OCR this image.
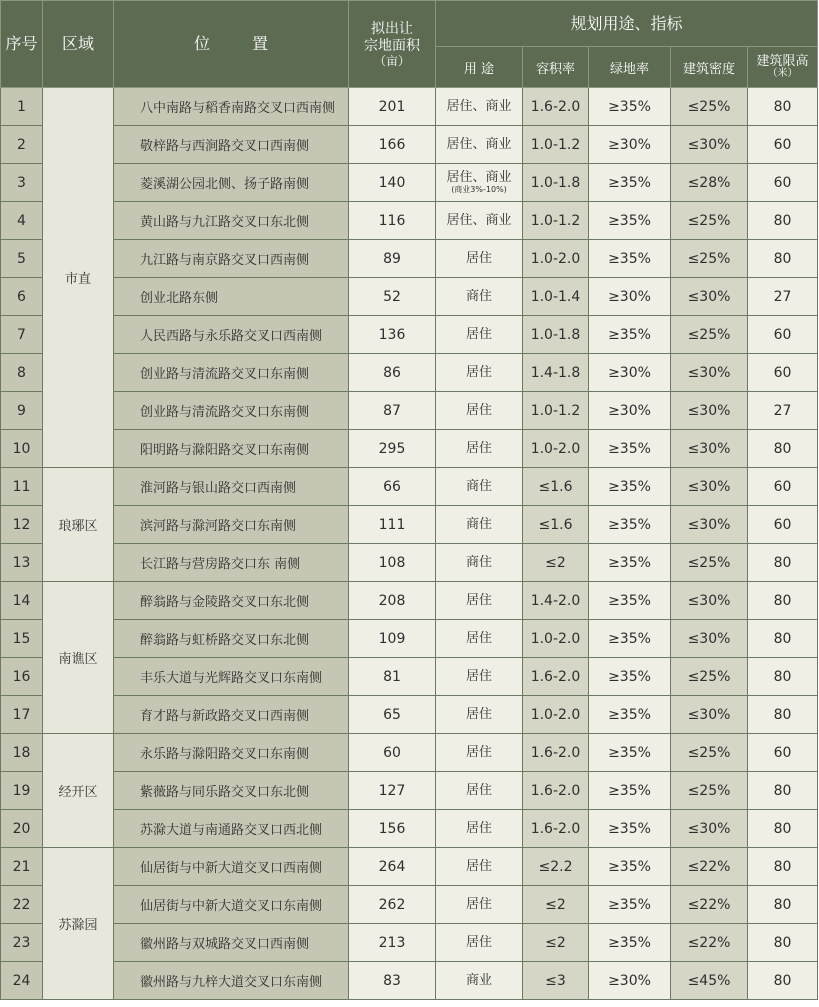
序号	区域	位 置	拟出让
宗地面积
（亩）	规划用途、指标				
				用 途	容积率	绿地率	建筑密度	建筑限高
（米）

1	市直	八中南路与稻香南路交叉口西南侧	201	居住、商业	1.6-2.0	≥35%	≤25%	80
2		敬梓路与西涧路交叉口西南侧	166	居住、商业	1.0-1.2	≥30%	≤30%	60
3		菱溪湖公园北侧、扬子路南侧	140	居住、商业
(商业3%-10%)	1.0-1.8	≥35%	≤28%	60
4		黄山路与九江路交叉口东北侧	116	居住、商业	1.0-1.2	≥35%	≤25%	80
5		九江路与南京路交叉口西南侧	89	居住	1.0-2.0	≥35%	≤25%	80
6		创业北路东侧	52	商住	1.0-1.4	≥30%	≤30%	27
7		人民西路与永乐路交叉口西南侧	136	居住	1.0-1.8	≥35%	≤25%	60
8		创业路与清流路交叉口东南侧	86	居住	1.4-1.8	≥30%	≤30%	60
9		创业路与清流路交叉口东南侧	87	居住	1.0-1.2	≥30%	≤30%	27
10		阳明路与滁阳路交叉口东南侧	295	居住	1.0-2.0	≥35%	≤30%	80
11	琅琊区	淮河路与银山路交口西南侧	66	商住	≤1.6	≥35%	≤30%	60
12		滨河路与滁河路交口东南侧	111	商住	≤1.6	≥35%	≤30%	60
13		长江路与营房路交口东 南侧	108	商住	≤2	≥35%	≤25%	80
14	南谯区	醉翁路与金陵路交叉口东北侧	208	居住	1.4-2.0	≥35%	≤30%	80
15		醉翁路与虹桥路交叉口东北侧	109	居住	1.0-2.0	≥35%	≤30%	80
16		丰乐大道与光辉路交叉口东南侧	81	居住	1.6-2.0	≥35%	≤25%	80
17		育才路与新政路交叉口西南侧	65	居住	1.0-2.0	≥35%	≤30%	80
18	经开区	永乐路与滁阳路交叉口东南侧	60	居住	1.6-2.0	≥35%	≤25%	60
19		紫薇路与同乐路交叉口东北侧	127	居住	1.6-2.0	≥35%	≤25%	80
20		苏滁大道与南通路交叉口西北侧	156	居住	1.6-2.0	≥35%	≤30%	80
21	苏滁园	仙居街与中新大道交叉口西南侧	264	居住	≤2.2	≥35%	≤22%	80
22		仙居街与中新大道交叉口东南侧	262	居住	≤2	≥35%	≤22%	80
23		徽州路与双城路交叉口西南侧	213	居住	≤2	≥35%	≤22%	80
24		徽州路与九梓大道交叉口东南侧	83	商业	≤3	≥30%	≤45%	80
